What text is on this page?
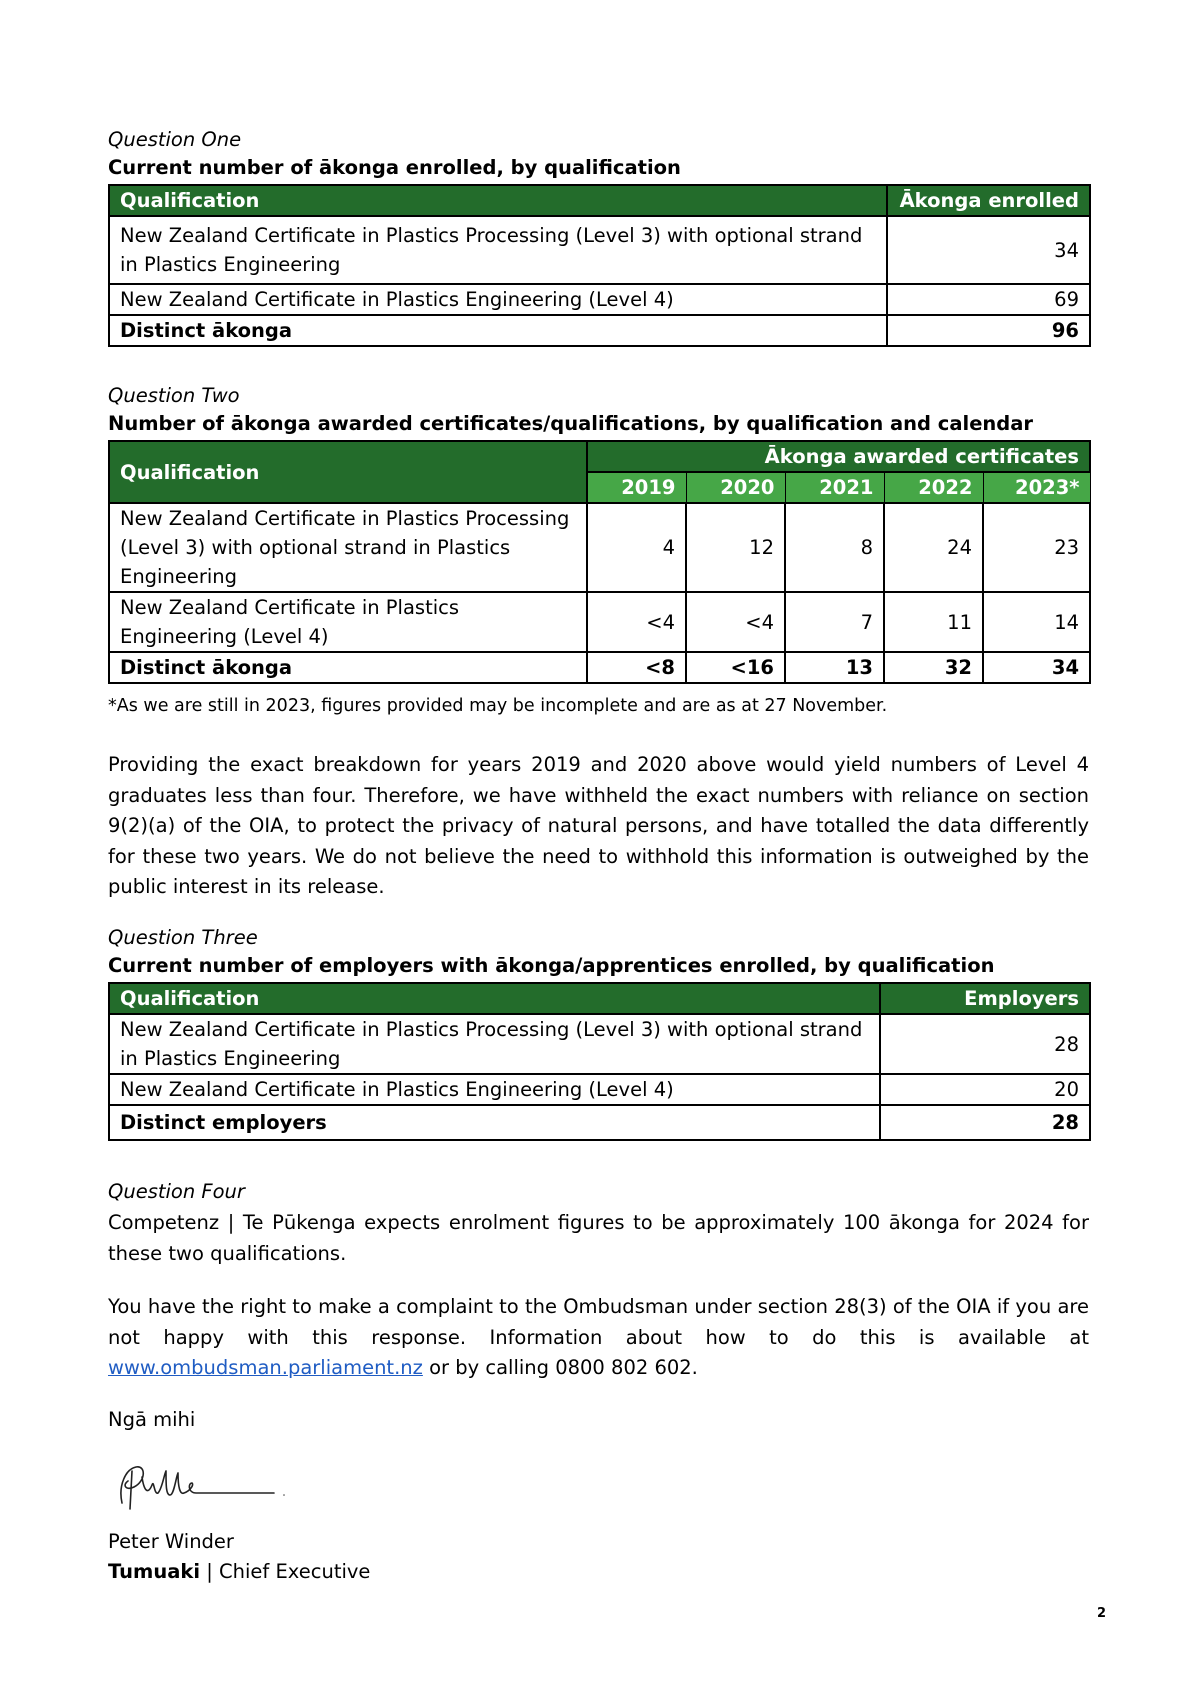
Question One
Current number of ākonga enrolled, by qualification
Qualification	Ākonga enrolled
New Zealand Certificate in Plastics Processing (Level 3) with optional strand in Plastics Engineering	34
New Zealand Certificate in Plastics Engineering (Level 4)	69
Distinct ākonga	96
Question Two
Number of ākonga awarded certificates/qualifications, by qualification and calendar
Qualification	Ākonga awarded certificates				
	2019	2020	2021	2022	2023*
New Zealand Certificate in Plastics Processing (Level 3) with optional strand in Plastics Engineering	4	12	8	24	23
New Zealand Certificate in Plastics Engineering (Level 4)	<4	<4	7	11	14
Distinct ākonga	<8	<16	13	32	34
*As we are still in 2023, figures provided may be incomplete and are as at 27 November.
Providing the exact breakdown for years 2019 and 2020 above would yield numbers of Level 4 graduates less than four. Therefore, we have withheld the exact numbers with reliance on section 9(2)(a) of the OIA, to protect the privacy of natural persons, and have totalled the data differently for these two years. We do not believe the need to withhold this information is outweighed by the public interest in its release.
Question Three
Current number of employers with ākonga/apprentices enrolled, by qualification
Qualification	Employers
New Zealand Certificate in Plastics Processing (Level 3) with optional strand in Plastics Engineering	28
New Zealand Certificate in Plastics Engineering (Level 4)	20
Distinct employers	28
Question Four
Competenz | Te Pūkenga expects enrolment figures to be approximately 100 ākonga for 2024 for these two qualifications.
You have the right to make a complaint to the Ombudsman under section 28(3) of the OIA if you are not happy with this response. Information about how to do this is available at www.ombudsman.parliament.nz or by calling 0800 802 602.
Ngā mihi
Peter Winder
Tumuaki | Chief Executive
2
